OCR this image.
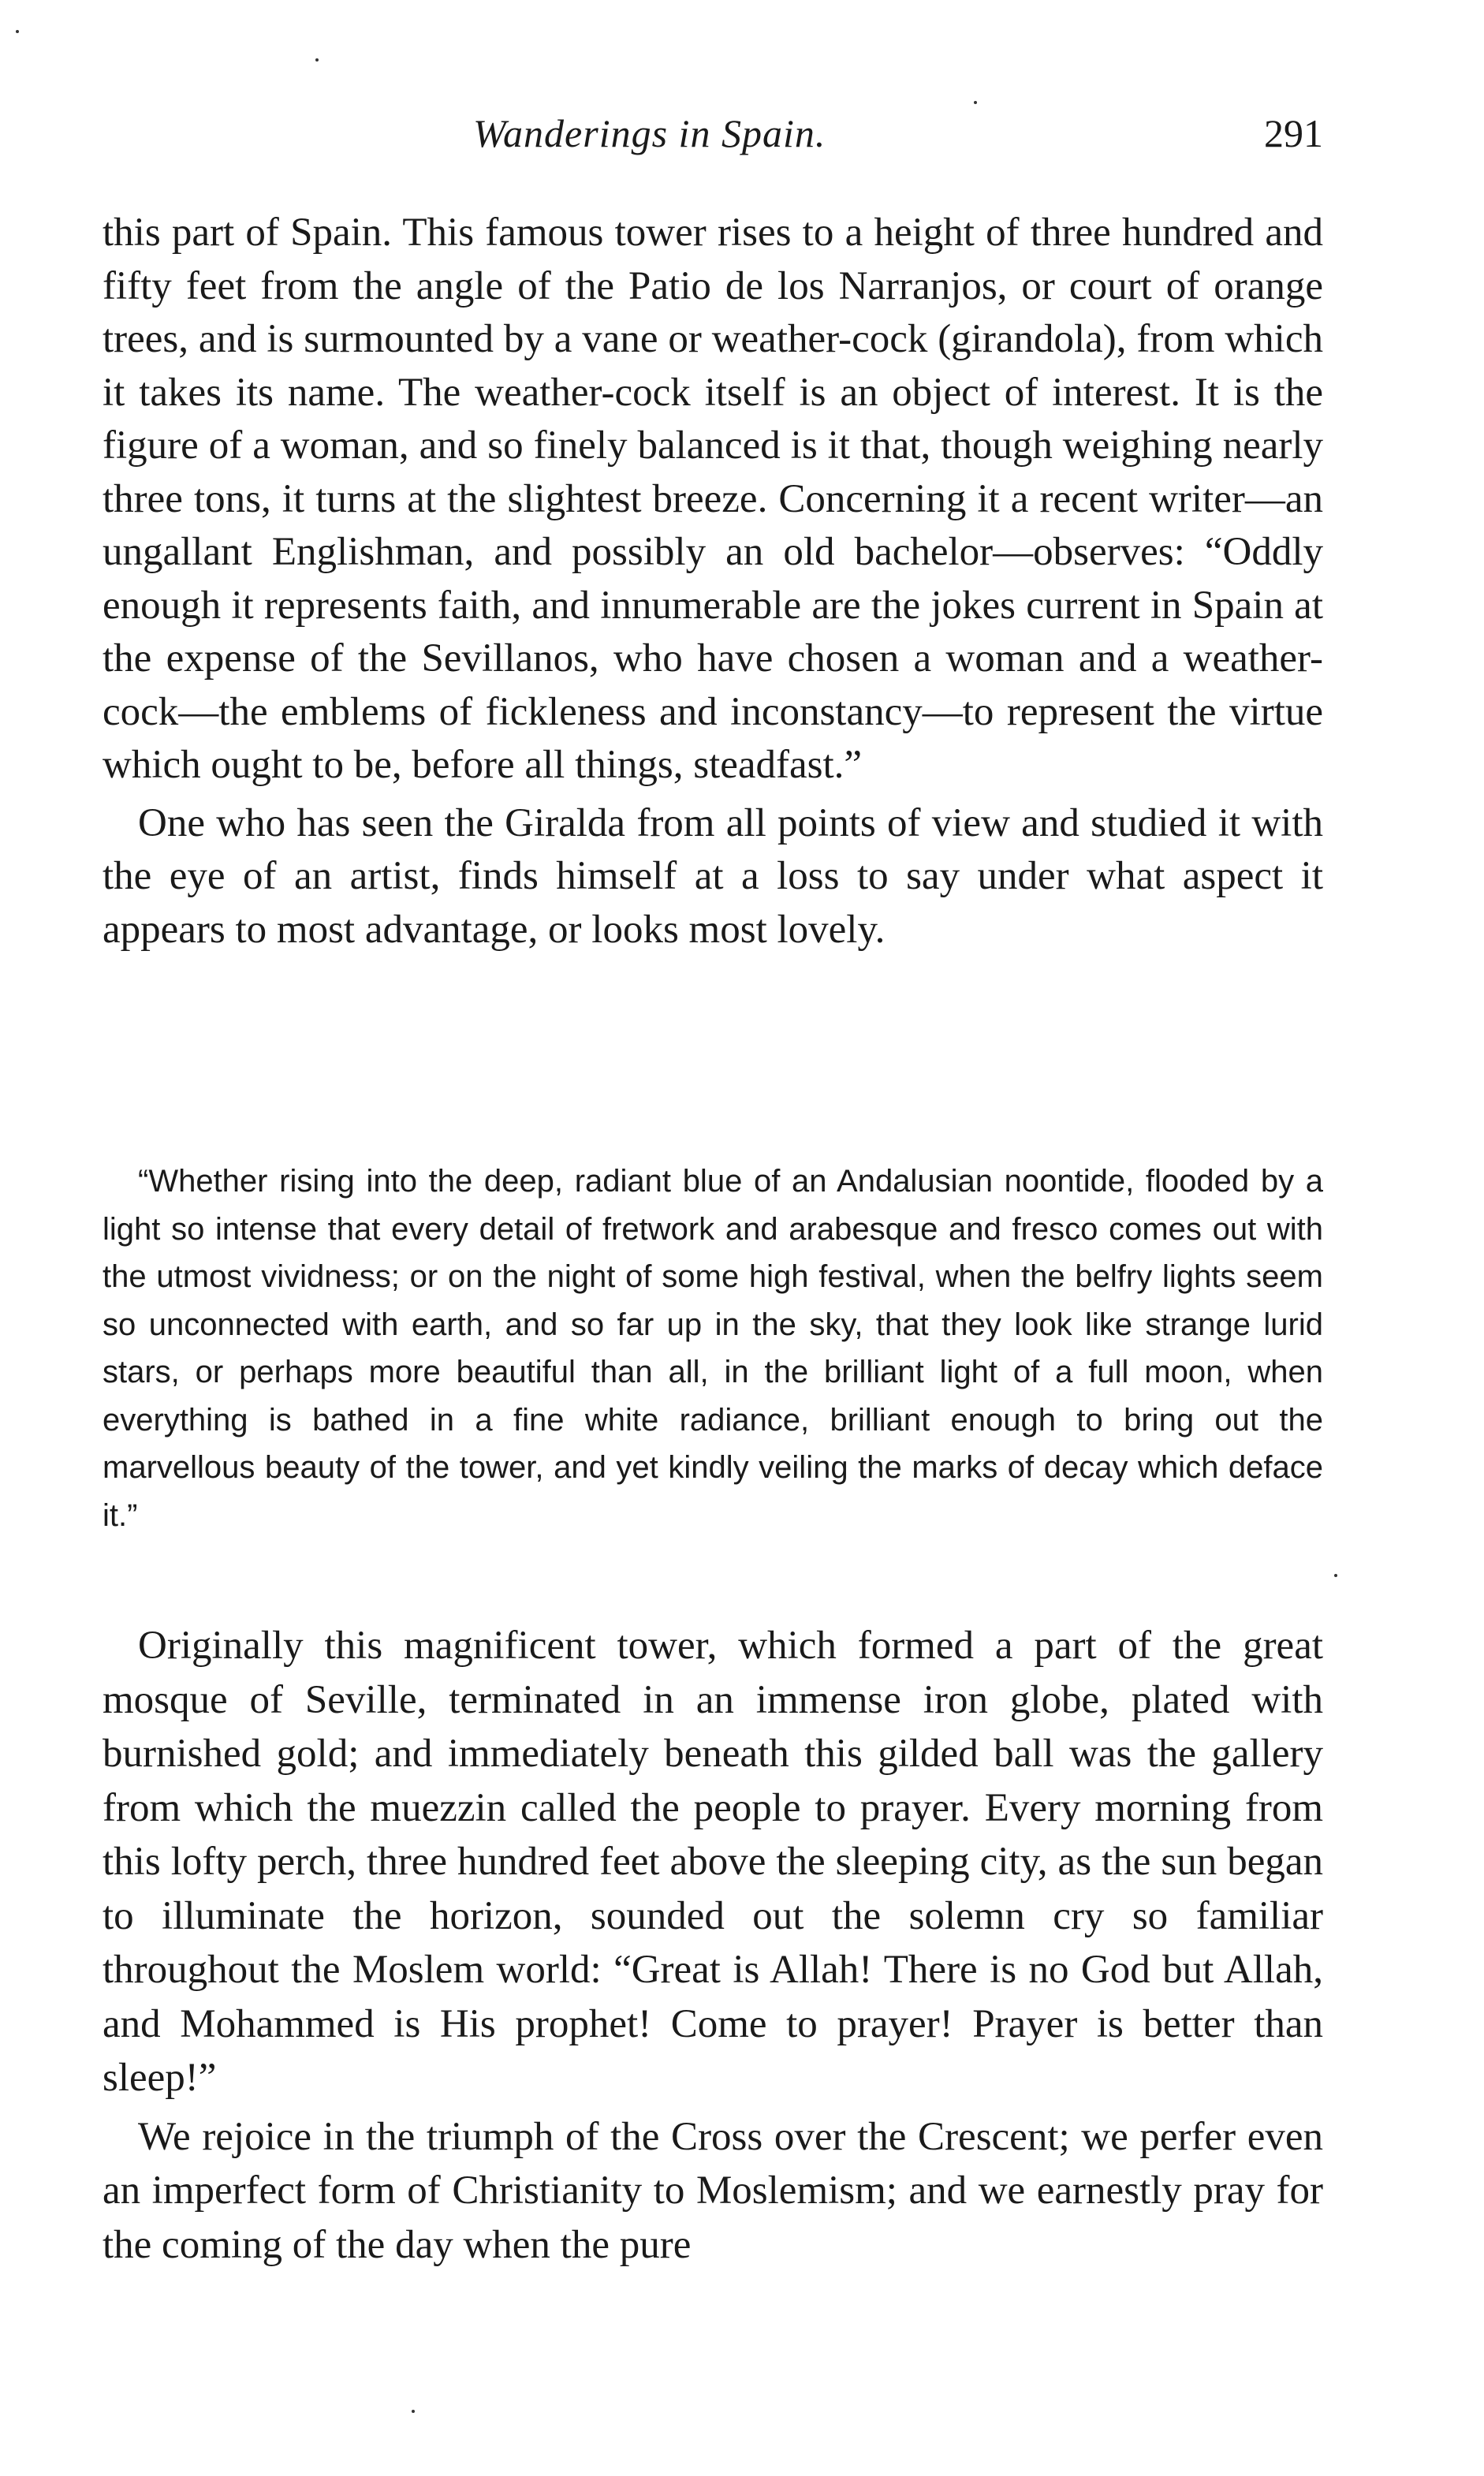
Wanderings in Spain.	291

this part of Spain. This famous tower rises to a height of three hundred and fifty feet from the angle of the Patio de los Narranjos, or court of orange trees, and is surmounted by a vane or weather-cock (girandola), from which it takes its name. The weather-cock itself is an object of interest. It is the figure of a woman, and so finely balanced is it that, though weighing nearly three tons, it turns at the slightest breeze. Concerning it a recent writer—an ungallant Englishman, and possibly an old bachelor—observes: “Oddly enough it represents faith, and innumerable are the jokes current in Spain at the expense of the Sevillanos, who have chosen a woman and a weather-cock—the emblems of fickleness and inconstancy—to represent the virtue which ought to be, before all things, steadfast.”

One who has seen the Giralda from all points of view and studied it with the eye of an artist, finds himself at a loss to say under what aspect it appears to most advantage, or looks most lovely.

“Whether rising into the deep, radiant blue of an Andalusian noontide, flooded by a light so intense that every detail of fretwork and arabesque and fresco comes out with the utmost vividness; or on the night of some high festival, when the belfry lights seem so unconnected with earth, and so far up in the sky, that they look like strange lurid stars, or perhaps more beautiful than all, in the brilliant light of a full moon, when everything is bathed in a fine white radiance, brilliant enough to bring out the marvellous beauty of the tower, and yet kindly veiling the marks of decay which deface it.”

Originally this magnificent tower, which formed a part of the great mosque of Seville, terminated in an immense iron globe, plated with burnished gold; and immediately beneath this gilded ball was the gallery from which the muezzin called the people to prayer. Every morning from this lofty perch, three hundred feet above the sleeping city, as the sun began to illuminate the horizon, sounded out the solemn cry so familiar throughout the Moslem world: “Great is Allah! There is no God but Allah, and Mohammed is His prophet! Come to prayer! Prayer is better than sleep!”

We rejoice in the triumph of the Cross over the Crescent; we perfer even an imperfect form of Christianity to Moslemism; and we earnestly pray for the coming of the day when the pure
